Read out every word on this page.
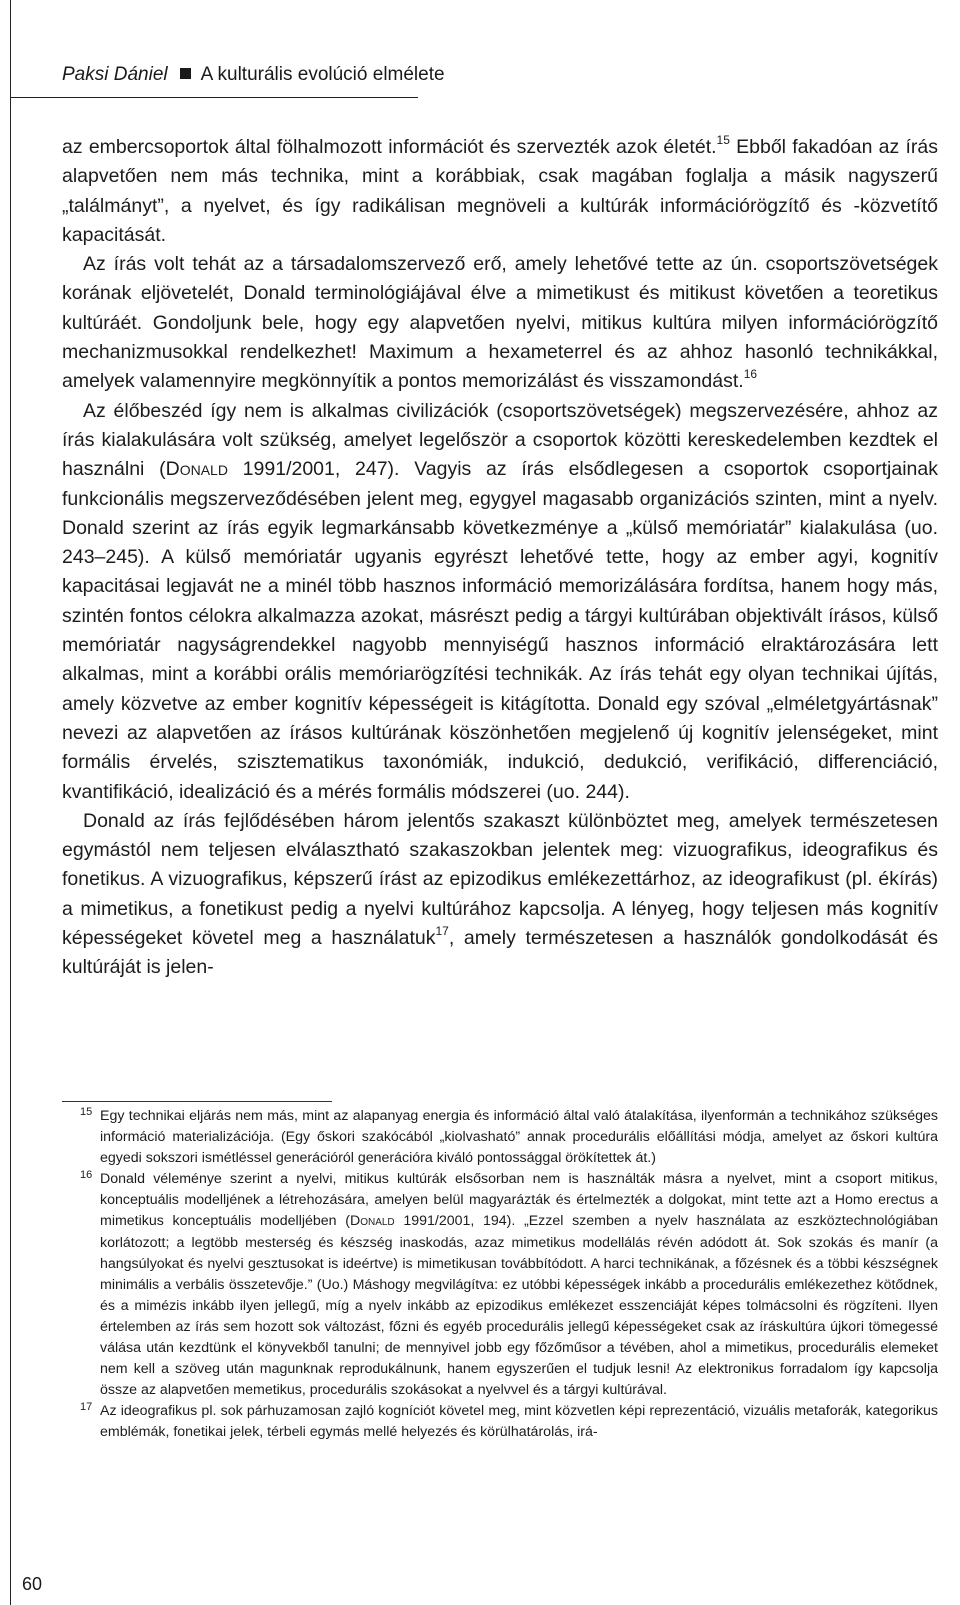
Paksi Dániel A kulturális evolúció elmélete

az embercsoportok által fölhalmozott információt és szervezték azok életét.$^{15}$ Ebből fakadóan az írás alapvetően nem más technika, mint a korábbiak, csak magában foglalja a másik nagyszerű „találmányt”, a nyelvet, és így radikálisan megnöveli a kultúrák információrögzítő és -közvetítő kapacitását.

Az írás volt tehát az a társadalomszervező erő, amely lehetővé tette az ún. csoportszövetségek korának eljövetelét, Donald terminológiájával élve a mimetikust és mitikust követően a teoretikus kultúráét. Gondoljunk bele, hogy egy alapvetően nyelvi, mitikus kultúra milyen információrögzítő mechanizmusokkal rendelkezhet! Maximum a hexameterrel és az ahhoz hasonló technikákkal, amelyek valamennyire megkönnyítik a pontos memorizálást és visszamondást.$^{16}$

Az élőbeszéd így nem is alkalmas civilizációk (csoportszövetségek) megszervezésére, ahhoz az írás kialakulására volt szükség, amelyet legelőször a csoportok közötti kereskedelemben kezdtek el használni (Donald 1991/2001, 247). Vagyis az írás elsődlegesen a csoportok csoportjainak funkcionális megszerveződésében jelent meg, egygyel magasabb organizációs szinten, mint a nyelv. Donald szerint az írás egyik legmarkánsabb következménye a „külső memóriatár” kialakulása (uo. 243–245). A külső memóriatár ugyanis egyrészt lehetővé tette, hogy az ember agyi, kognitív kapacitásai legjavát ne a minél több hasznos információ memorizálására fordítsa, hanem hogy más, szintén fontos célokra alkalmazza azokat, másrészt pedig a tárgyi kultúrában objektivált írásos, külső memóriatár nagyságrendekkel nagyobb mennyiségű hasznos információ elraktározására lett alkalmas, mint a korábbi orális memóriarögzítési technikák. Az írás tehát egy olyan technikai újítás, amely közvetve az ember kognitív képességeit is kitágította. Donald egy szóval „elméletgyártásnak” nevezi az alapvetően az írásos kultúrának köszönhetően megjelenő új kognitív jelenségeket, mint formális érvelés, szisztematikus taxonómiák, indukció, dedukció, verifikáció, differenciáció, kvantifikáció, idealizáció és a mérés formális módszerei (uo. 244).

Donald az írás fejlődésében három jelentős szakaszt különböztet meg, amelyek természetesen egymástól nem teljesen elválasztható szakaszokban jelentek meg: vizuografikus, ideografikus és fonetikus. A vizuografikus, képszerű írást az epizodikus emlékezettárhoz, az ideografikust (pl. ékírás) a mimetikus, a fonetikust pedig a nyelvi kultúrához kapcsolja. A lényeg, hogy teljesen más kognitív képességeket követel meg a használatuk$^{17}$, amely természetesen a használók gondolkodását és kultúráját is jelen-

15 Egy technikai eljárás nem más, mint az alapanyag energia és információ által való átalakítása, ilyenformán a technikához szükséges információ materializációja. (Egy őskori szakócából „kiolvasható” annak procedurális előállítási módja, amelyet az őskori kultúra egyedi sokszori ismétléssel generációról generációra kiváló pontossággal örökítettek át.)

16 Donald véleménye szerint a nyelvi, mitikus kultúrák elsősorban nem is használták másra a nyelvet, mint a csoport mitikus, konceptuális modelljének a létrehozására, amelyen belül magyarázták és értelmezték a dolgokat, mint tette azt a Homo erectus a mimetikus konceptuális modelljében (Donald 1991/2001, 194). „Ezzel szemben a nyelv használata az eszköztechnológiában korlátozott; a legtöbb mesterség és készség inaskodás, azaz mimetikus modellálás révén adódott át. Sok szokás és manír (a hangsúlyokat és nyelvi gesztusokat is ideértve) is mimetikusan továbbítódott. A harci technikának, a főzésnek és a többi készségnek minimális a verbális összetevője.” (Uo.) Máshogy megvilágítva: ez utóbbi képességek inkább a procedurális emlékezethez kötődnek, és a mimézis inkább ilyen jellegű, míg a nyelv inkább az epizodikus emlékezet esszenciáját képes tolmácsolni és rögzíteni. Ilyen értelemben az írás sem hozott sok változást, főzni és egyéb procedurális jellegű képességeket csak az íráskultúra újkori tömegessé válása után kezdtünk el könyvekből tanulni; de mennyivel jobb egy főzőműsor a tévében, ahol a mimetikus, procedurális elemeket nem kell a szöveg után magunknak reprodukálnunk, hanem egyszerűen el tudjuk lesni! Az elektronikus forradalom így kapcsolja össze az alapvetően memetikus, procedurális szokásokat a nyelvvel és a tárgyi kultúrával.

17 Az ideografikus pl. sok párhuzamosan zajló kogníciót követel meg, mint közvetlen képi reprezentáció, vizuális metaforák, kategorikus emblémák, fonetikai jelek, térbeli egymás mellé helyezés és körülhatárolás, irá-

60
